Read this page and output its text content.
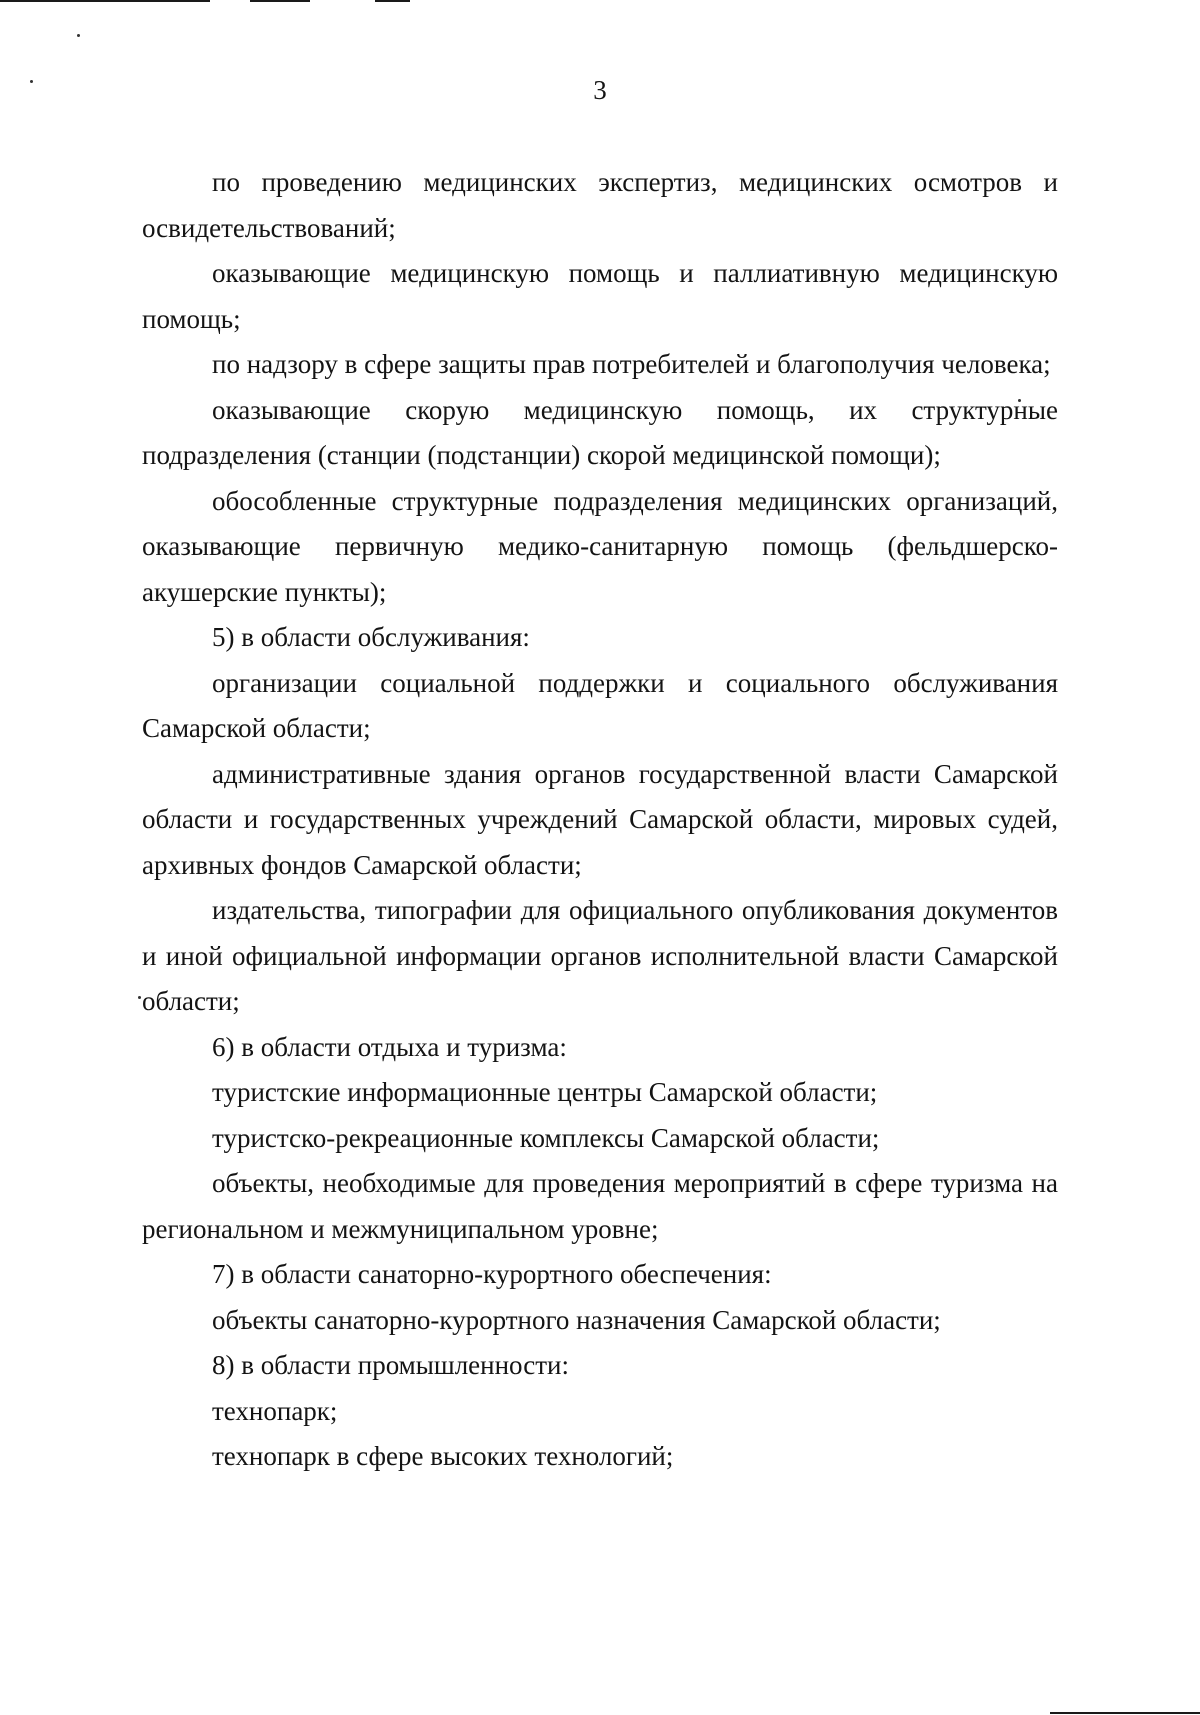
3

по проведению медицинских экспертиз, медицинских осмотров и освидетельствований;

оказывающие медицинскую помощь и паллиативную медицинскую помощь;

по надзору в сфере защиты прав потребителей и благополучия человека;

оказывающие скорую медицинскую помощь, их структурные подразделения (станции (подстанции) скорой медицинской помощи);

обособленные структурные подразделения медицинских организаций, оказывающие первичную медико-санитарную помощь (фельдшерско-акушерские пункты);

5) в области обслуживания:

организации социальной поддержки и социального обслуживания Самарской области;

административные здания органов государственной власти Самарской области и государственных учреждений Самарской области, мировых судей, архивных фондов Самарской области;

издательства, типографии для официального опубликования документов и иной официальной информации органов исполнительной власти Самарской области;

6) в области отдыха и туризма:

туристские информационные центры Самарской области;

туристско-рекреационные комплексы Самарской области;

объекты, необходимые для проведения мероприятий в сфере туризма на региональном и межмуниципальном уровне;

7) в области санаторно-курортного обеспечения:

объекты санаторно-курортного назначения Самарской области;

8) в области промышленности:

технопарк;

технопарк в сфере высоких технологий;
